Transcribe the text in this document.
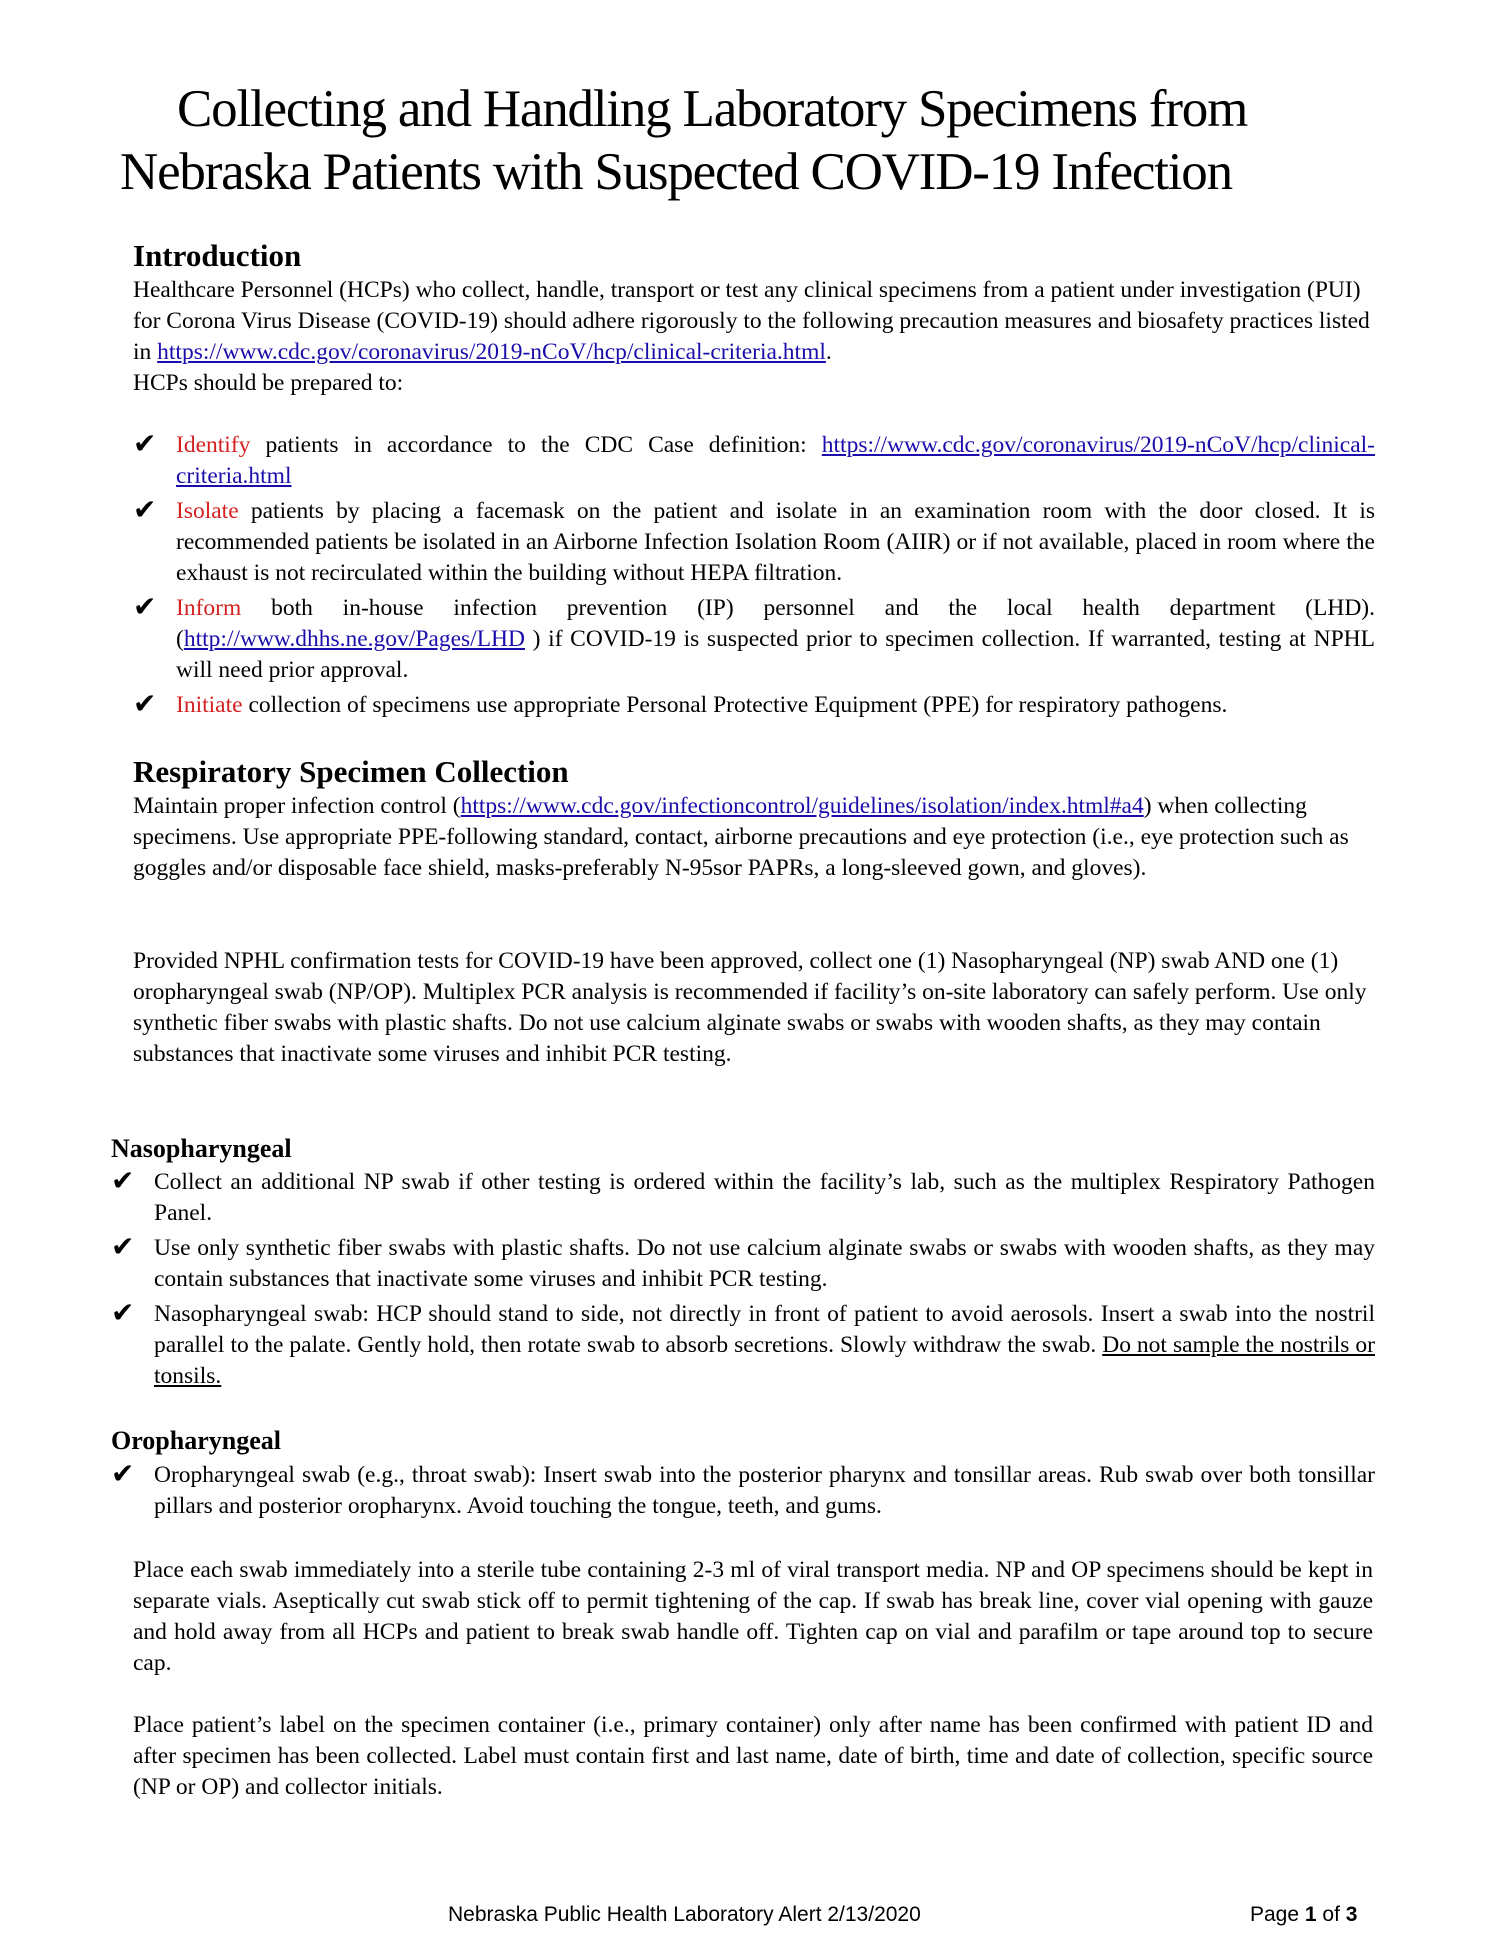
Collecting and Handling Laboratory Specimens from
Nebraska Patients with Suspected COVID-19 Infection
Introduction

Healthcare Personnel (HCPs) who collect, handle, transport or test any clinical specimens from a patient under investigation (PUI) for Corona Virus Disease (COVID-19) should adhere rigorously to the following precaution measures and biosafety practices listed in https://www.cdc.gov/coronavirus/2019-nCoV/hcp/clinical-criteria.html.
HCPs should be prepared to:

✔ Identify patients in accordance to the CDC Case definition: https://www.cdc.gov/coronavirus/2019-nCoV/hcp/clinical-criteria.html
✔ Isolate patients by placing a facemask on the patient and isolate in an examination room with the door closed. It is recommended patients be isolated in an Airborne Infection Isolation Room (AIIR) or if not available, placed in room where the exhaust is not recirculated within the building without HEPA filtration.
✔ Inform both in-house infection prevention (IP) personnel and the local health department (LHD). (http://www.dhhs.ne.gov/Pages/LHD ) if COVID-19 is suspected prior to specimen collection. If warranted, testing at NPHL will need prior approval.
✔ Initiate collection of specimens use appropriate Personal Protective Equipment (PPE) for respiratory pathogens.
Respiratory Specimen Collection

Maintain proper infection control (https://www.cdc.gov/infectioncontrol/guidelines/isolation/index.html#a4) when collecting specimens. Use appropriate PPE-following standard, contact, airborne precautions and eye protection (i.e., eye protection such as goggles and/or disposable face shield, masks-preferably N-95sor PAPRs, a long-sleeved gown, and gloves).

Provided NPHL confirmation tests for COVID-19 have been approved, collect one (1) Nasopharyngeal (NP) swab AND one (1) oropharyngeal swab (NP/OP). Multiplex PCR analysis is recommended if facility’s on-site laboratory can safely perform. Use only synthetic fiber swabs with plastic shafts. Do not use calcium alginate swabs or swabs with wooden shafts, as they may contain substances that inactivate some viruses and inhibit PCR testing.

Nasopharyngeal
✔ Collect an additional NP swab if other testing is ordered within the facility’s lab, such as the multiplex Respiratory Pathogen Panel.
✔ Use only synthetic fiber swabs with plastic shafts. Do not use calcium alginate swabs or swabs with wooden shafts, as they may contain substances that inactivate some viruses and inhibit PCR testing.
✔ Nasopharyngeal swab: HCP should stand to side, not directly in front of patient to avoid aerosols. Insert a swab into the nostril parallel to the palate. Gently hold, then rotate swab to absorb secretions. Slowly withdraw the swab. Do not sample the nostrils or tonsils.
Oropharyngeal
✔ Oropharyngeal swab (e.g., throat swab): Insert swab into the posterior pharynx and tonsillar areas. Rub swab over both tonsillar pillars and posterior oropharynx. Avoid touching the tongue, teeth, and gums.

Place each swab immediately into a sterile tube containing 2-3 ml of viral transport media. NP and OP specimens should be kept in separate vials. Aseptically cut swab stick off to permit tightening of the cap. If swab has break line, cover vial opening with gauze and hold away from all HCPs and patient to break swab handle off. Tighten cap on vial and parafilm or tape around top to secure cap.

Place patient’s label on the specimen container (i.e., primary container) only after name has been confirmed with patient ID and after specimen has been collected. Label must contain first and last name, date of birth, time and date of collection, specific source (NP or OP) and collector initials.

Nebraska Public Health Laboratory Alert 2/13/2020	Page 1 of 3
